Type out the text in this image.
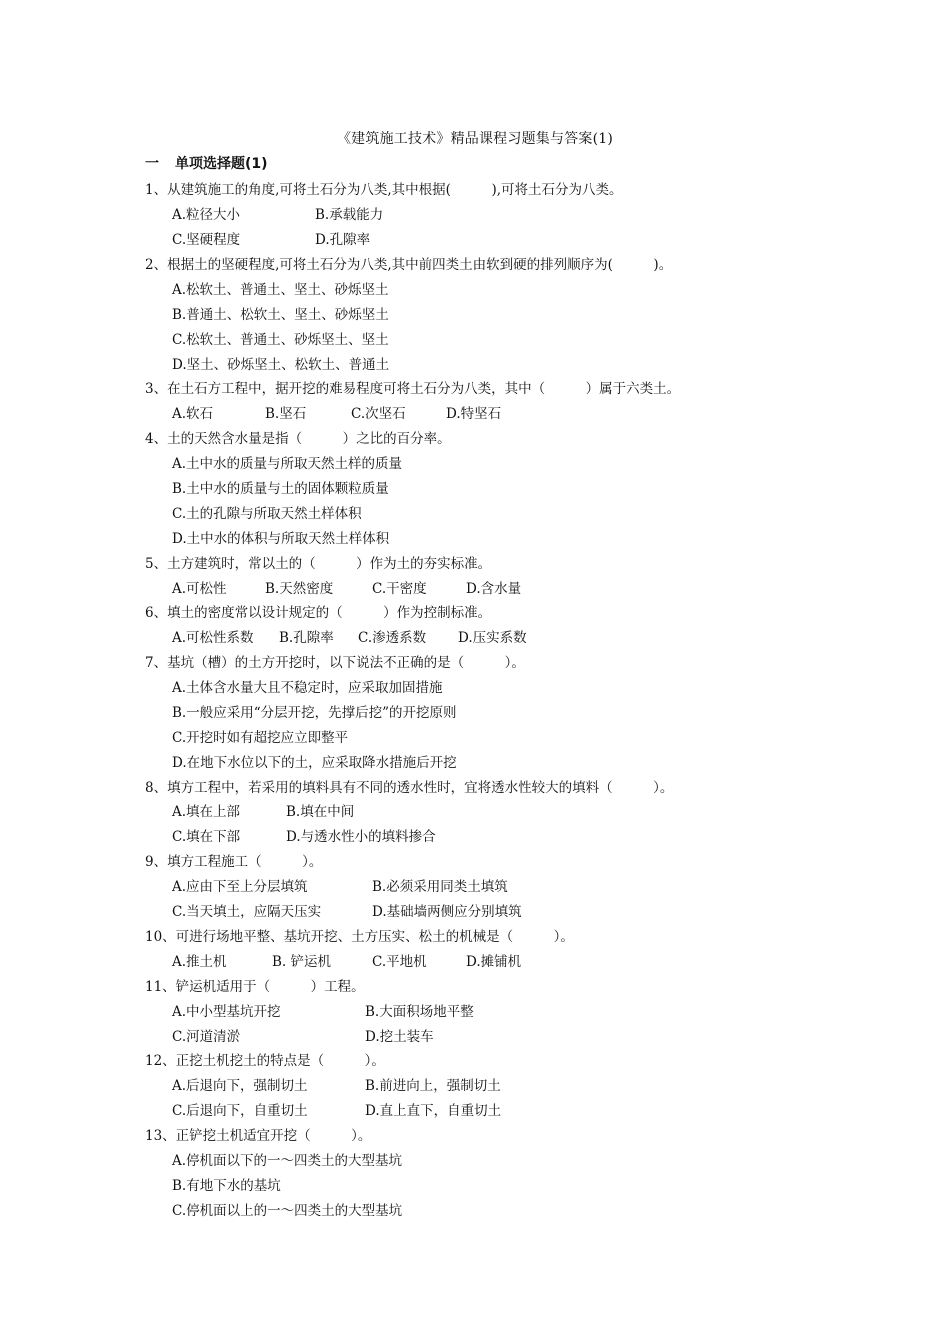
《建筑施工技术》精品课程习题集与答案(1)
一 单项选择题(1)
1、从建筑施工的角度,可将土石分为八类,其中根据(　　　),可将土石分为八类。
A.粒径大小	B.承载能力
C.坚硬程度	D.孔隙率
2、根据土的坚硬程度,可将土石分为八类,其中前四类土由软到硬的排列顺序为(　　　)。
A.松软土、普通土、坚土、砂烁坚土
B.普通土、松软土、坚土、砂烁坚土
C.松软土、普通土、砂烁坚土、坚土
D.坚土、砂烁坚土、松软土、普通土
3、在土石方工程中，据开挖的难易程度可将土石分为八类，其中（　　　）属于六类土。
A.软石	B.坚石	C.次坚石	D.特坚石
4、土的天然含水量是指（　　　）之比的百分率。
A.土中水的质量与所取天然土样的质量
B.土中水的质量与土的固体颗粒质量
C.土的孔隙与所取天然土样体积
D.土中水的体积与所取天然土样体积
5、土方建筑时，常以土的（　　　）作为土的夯实标准。
A.可松性	B.天然密度	C.干密度	D.含水量
6、填土的密度常以设计规定的（　　　）作为控制标准。
A.可松性系数 B.孔隙率 C.渗透系数 D.压实系数
7、基坑（槽）的土方开挖时，以下说法不正确的是（　　　）。
A.土体含水量大且不稳定时，应采取加固措施
B.一般应采用“分层开挖，先撑后挖”的开挖原则
C.开挖时如有超挖应立即整平
D.在地下水位以下的土，应采取降水措施后开挖
8、填方工程中，若采用的填料具有不同的透水性时，宜将透水性较大的填料（　　　）。
A.填在上部	B.填在中间
C.填在下部	D.与透水性小的填料掺合
9、填方工程施工（　　　）。
A.应由下至上分层填筑	B.必须采用同类土填筑
C.当天填土，应隔天压实	D.基础墙两侧应分别填筑
10、可进行场地平整、基坑开挖、土方压实、松土的机械是（　　　）。
A.推土机	B. 铲运机	C.平地机	D.摊铺机
11、铲运机适用于（　　　）工程。
A.中小型基坑开挖	B.大面积场地平整
C.河道清淤	D.挖土装车
12、正挖土机挖土的特点是（　　　）。
A.后退向下，强制切土	B.前进向上，强制切土
C.后退向下，自重切土	D.直上直下，自重切土
13、正铲挖土机适宜开挖（　　　）。
A.停机面以下的一～四类土的大型基坑
B.有地下水的基坑
C.停机面以上的一～四类土的大型基坑
